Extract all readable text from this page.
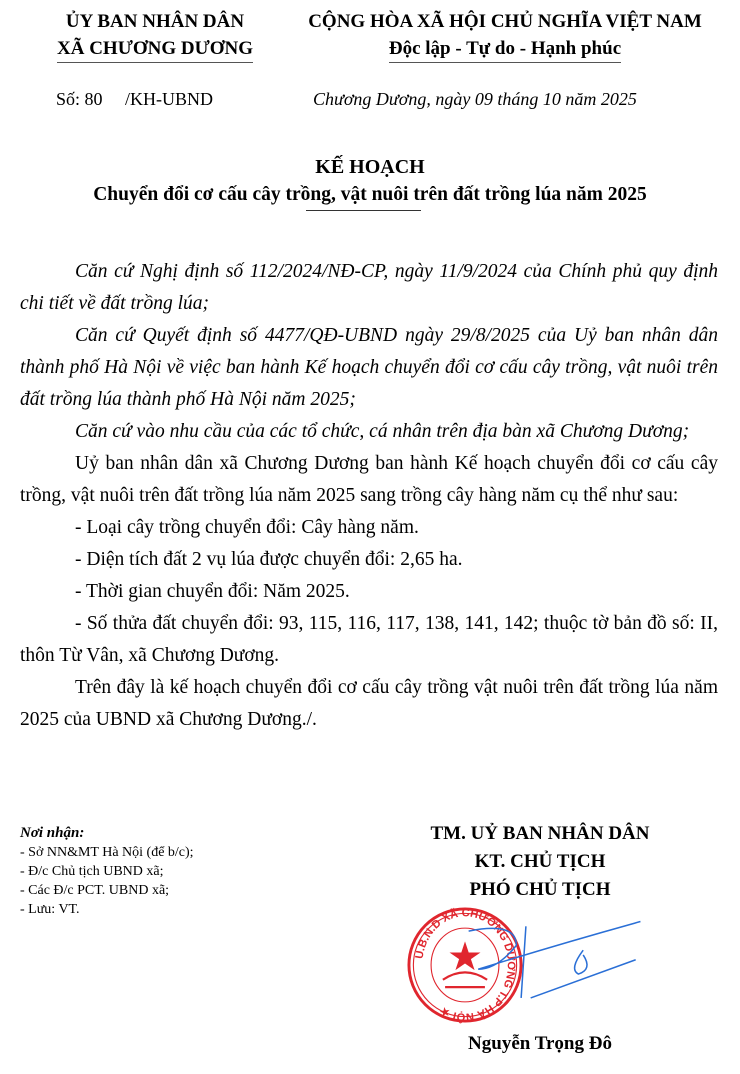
ỦY BAN NHÂN DÂN
XÃ CHƯƠNG DƯƠNG
CỘNG HÒA XÃ HỘI CHỦ NGHĨA VIỆT NAM
Độc lập - Tự do - Hạnh phúc
Số: 80     /KH-UBND	Chương Dương, ngày 09 tháng 10 năm 2025
KẾ HOẠCH
Chuyển đổi cơ cấu cây trồng, vật nuôi trên đất trồng lúa năm 2025

Căn cứ Nghị định số 112/2024/NĐ-CP, ngày 11/9/2024 của Chính phủ quy định chi tiết về đất trồng lúa;

Căn cứ Quyết định số 4477/QĐ-UBND ngày 29/8/2025 của Uỷ ban nhân dân thành phố Hà Nội về việc ban hành Kế hoạch chuyển đổi cơ cấu cây trồng, vật nuôi trên đất trồng lúa thành phố Hà Nội năm 2025;

Căn cứ vào nhu cầu của các tổ chức, cá nhân trên địa bàn xã Chương Dương;

Uỷ ban nhân dân xã Chương Dương ban hành Kế hoạch chuyển đổi cơ cấu cây trồng, vật nuôi trên đất trồng lúa năm 2025 sang trồng cây hàng năm cụ thể như sau:

- Loại cây trồng chuyển đổi: Cây hàng năm.

- Diện tích đất 2 vụ lúa được chuyển đổi: 2,65 ha.

- Thời gian chuyển đổi: Năm 2025.

- Số thửa đất chuyển đổi: 93, 115, 116, 117, 138, 141, 142; thuộc tờ bản đồ số: II, thôn Từ Vân, xã Chương Dương.

Trên đây là kế hoạch chuyển đổi cơ cấu cây trồng vật nuôi trên đất trồng lúa năm 2025 của UBND xã Chương Dương./.

Nơi nhận:
- Sở NN&MT Hà Nội (để b/c);
- Đ/c Chủ tịch UBND xã;
- Các Đ/c PCT. UBND xã;
- Lưu: VT.
TM. UỶ BAN NHÂN DÂN
KT. CHỦ TỊCH
PHÓ CHỦ TỊCH
U.B.N.D XÃ CHƯƠNG DƯƠNG T.P HÀ NỘI ★
Nguyễn Trọng Đô
